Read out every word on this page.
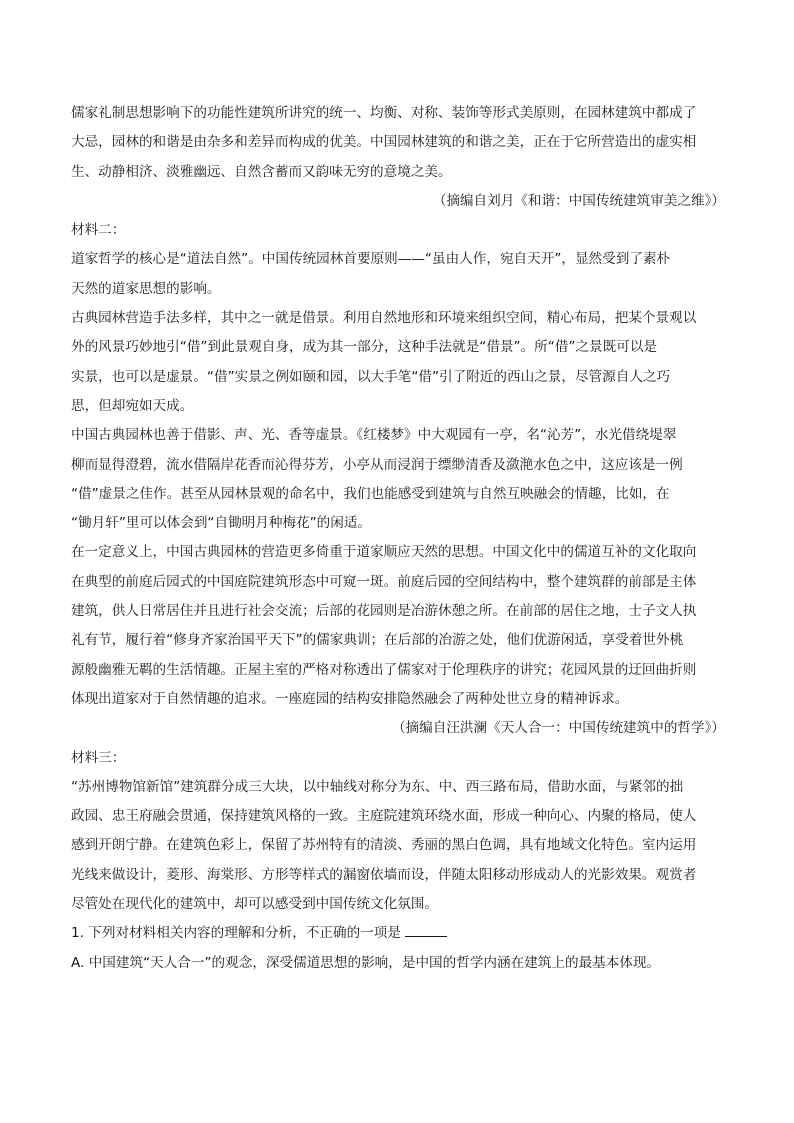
儒家礼制思想影响下的功能性建筑所讲究的统一、均衡、对称、装饰等形式美原则，在园林建筑中都成了
大忌，园林的和谐是由杂多和差异而构成的优美。中国园林建筑的和谐之美，正在于它所营造出的虚实相
生、动静相济、淡雅幽远、自然含蓄而又韵味无穷的意境之美。
（摘编自刘月《和谐：中国传统建筑审美之维》）
材料二：
道家哲学的核心是“道法自然”。中国传统园林首要原则——“虽由人作，宛自天开”，显然受到了素朴
天然的道家思想的影响。
古典园林营造手法多样，其中之一就是借景。利用自然地形和环境来组织空间，精心布局，把某个景观以
外的风景巧妙地引“借”到此景观自身，成为其一部分，这种手法就是“借景”。所“借”之景既可以是
实景，也可以是虚景。“借”实景之例如颐和园，以大手笔“借”引了附近的西山之景，尽管源自人之巧
思，但却宛如天成。
中国古典园林也善于借影、声、光、香等虚景。《红楼梦》中大观园有一亭，名“沁芳”，水光借绕堤翠
柳而显得澄碧，流水借隔岸花香而沁得芬芳，小亭从而浸润于缥缈清香及潋滟水色之中，这应该是一例
“借”虚景之佳作。甚至从园林景观的命名中，我们也能感受到建筑与自然互映融会的情趣，比如，在
“锄月轩”里可以体会到“自锄明月种梅花”的闲适。
在一定意义上，中国古典园林的营造更多倚重于道家顺应天然的思想。中国文化中的儒道互补的文化取向
在典型的前庭后园式的中国庭院建筑形态中可窥一斑。前庭后园的空间结构中，整个建筑群的前部是主体
建筑，供人日常居住并且进行社会交流；后部的花园则是冶游休憩之所。在前部的居住之地，士子文人执
礼有节，履行着“修身齐家治国平天下”的儒家典训；在后部的冶游之处，他们优游闲适，享受着世外桃
源般幽雅无羁的生活情趣。正屋主室的严格对称透出了儒家对于伦理秩序的讲究；花园风景的迂回曲折则
体现出道家对于自然情趣的追求。一座庭园的结构安排隐然融会了两种处世立身的精神诉求。
（摘编自汪洪澜《天人合一：中国传统建筑中的哲学》）
材料三：
“苏州博物馆新馆”建筑群分成三大块，以中轴线对称分为东、中、西三路布局，借助水面，与紧邻的拙
政园、忠王府融会贯通，保持建筑风格的一致。主庭院建筑环绕水面，形成一种向心、内聚的格局，使人
感到开朗宁静。在建筑色彩上，保留了苏州特有的清淡、秀丽的黑白色调，具有地域文化特色。室内运用
光线来做设计，菱形、海棠形、方形等样式的漏窗依墙而设，伴随太阳移动形成动人的光影效果。观赏者
尽管处在现代化的建筑中，却可以感受到中国传统文化氛围。
1. 下列对材料相关内容的理解和分析，不正确的一项是
A. 中国建筑“天人合一”的观念，深受儒道思想的影响，是中国的哲学内涵在建筑上的最基本体现。
